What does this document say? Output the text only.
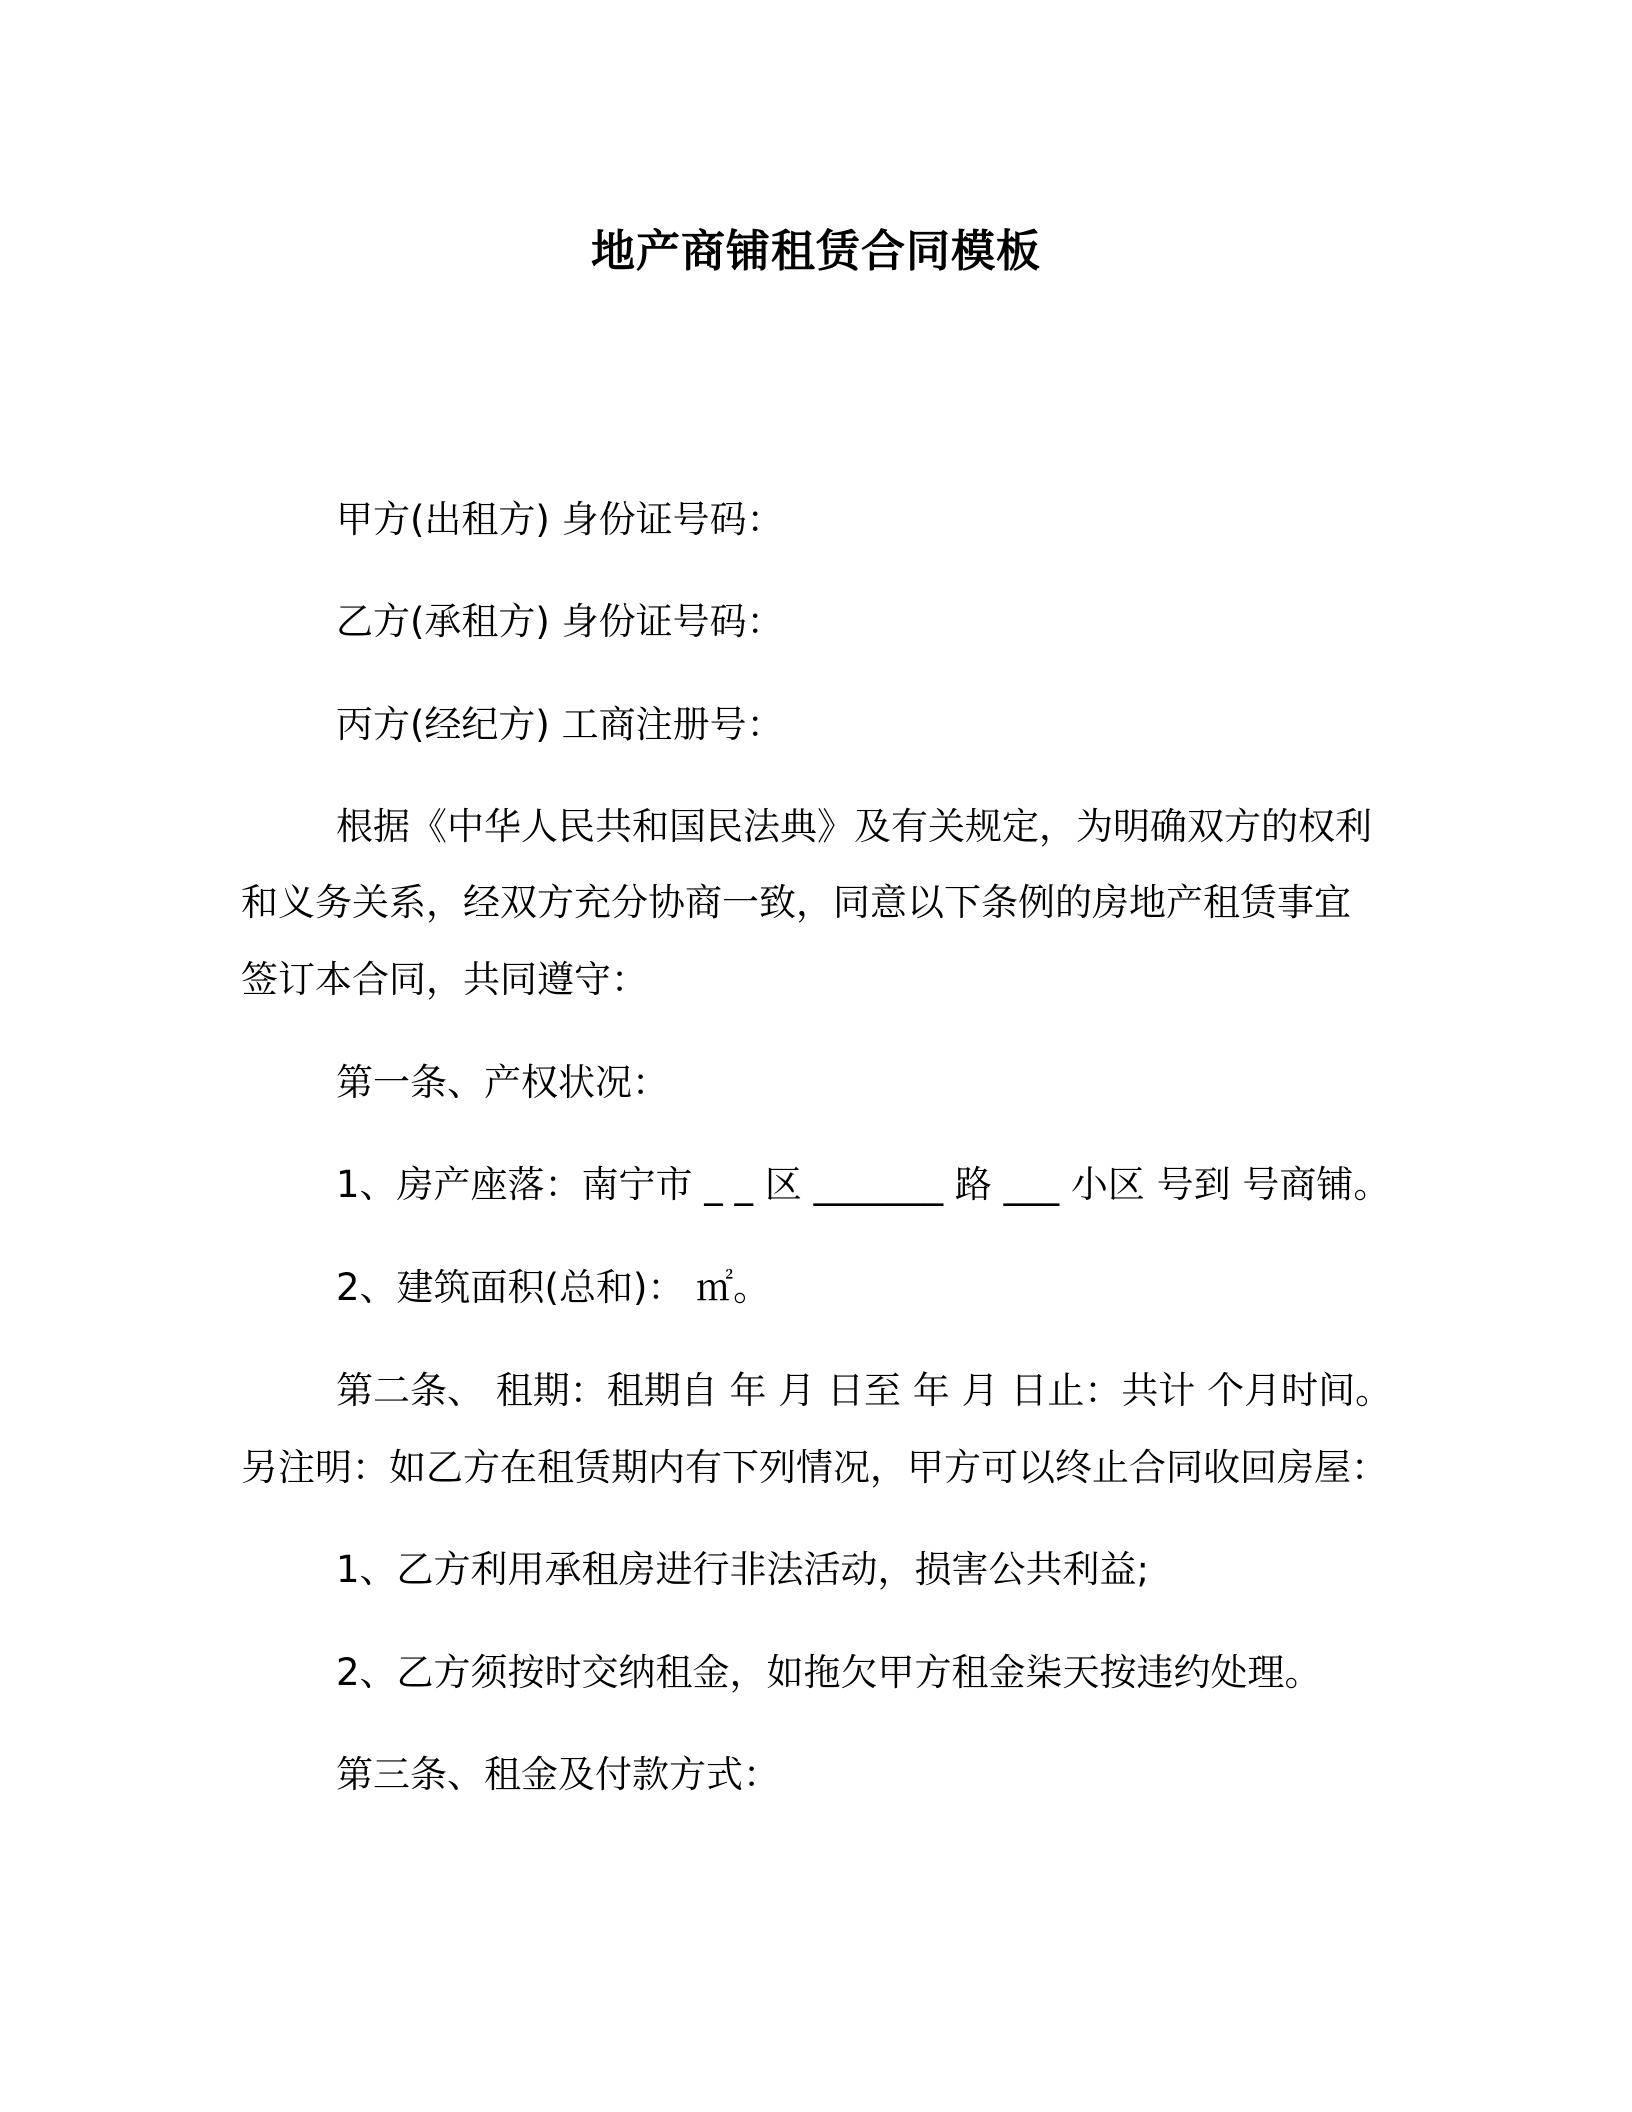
地产商铺租赁合同模板
甲方(出租方) 身份证号码：
乙方(承租方) 身份证号码：
丙方(经纪方) 工商注册号：
根据《中华人民共和国民法典》及有关规定，为明确双方的权利
和义务关系，经双方充分协商一致，同意以下条例的房地产租赁事宜
签订本合同，共同遵守：
第一条、产权状况：
1、房产座落：南宁市 _ _ 区 _______ 路 ___ 小区 号到 号商铺。
2、建筑面积(总和)： ㎡。
第二条、 租期：租期自 年 月 日至 年 月 日止：共计 个月时间。
另注明：如乙方在租赁期内有下列情况，甲方可以终止合同收回房屋：
1、乙方利用承租房进行非法活动，损害公共利益;
2、乙方须按时交纳租金，如拖欠甲方租金柒天按违约处理。
第三条、租金及付款方式：
